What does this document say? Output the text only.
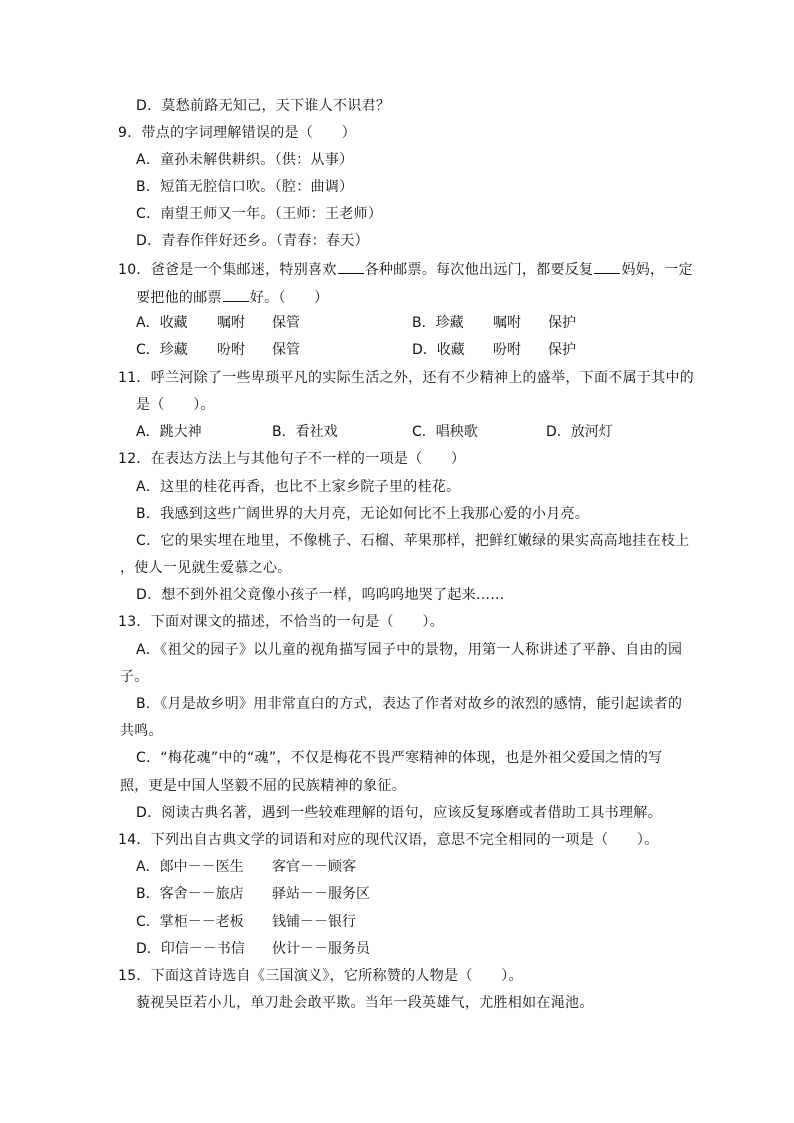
D．莫愁前路无知己，天下谁人不识君？
9．带点的字词理解错误的是（　　）
A．童孙未解供耕织。（供：从事）
B．短笛无腔信口吹。（腔：曲调）
C．南望王师又一年。（王师：王老师）
D．青春作伴好还乡。（青春：春天）
10．爸爸是一个集邮迷，特别喜欢 各种邮票。每次他出远门，都要反复 妈妈，一定
要把他的邮票 好。（　　）
A．收藏 嘱咐 保管	B．珍藏 嘱咐 保护
C．珍藏 吩咐 保管	D．收藏 吩咐 保护
11．呼兰河除了一些卑琐平凡的实际生活之外，还有不少精神上的盛举，下面不属于其中的
是（　　）。
A．跳大神	B．看社戏	C．唱秧歌	D．放河灯
12．在表达方法上与其他句子不一样的一项是（　　）
A．这里的桂花再香，也比不上家乡院子里的桂花。
B．我感到这些广阔世界的大月亮，无论如何比不上我那心爱的小月亮。
C．它的果实埋在地里，不像桃子、石榴、苹果那样，把鲜红嫩绿的果实高高地挂在枝上
，使人一见就生爱慕之心。
D．想不到外祖父竟像小孩子一样，呜呜呜地哭了起来……
13．下面对课文的描述，不恰当的一句是（　　）。
A．《祖父的园子》以儿童的视角描写园子中的景物，用第一人称讲述了平静、自由的园
子。
B．《月是故乡明》用非常直白的方式，表达了作者对故乡的浓烈的感情，能引起读者的
共鸣。
C．“梅花魂”中的“魂”，不仅是梅花不畏严寒精神的体现，也是外祖父爱国之情的写
照，更是中国人坚毅不屈的民族精神的象征。
D．阅读古典名著，遇到一些较难理解的语句，应该反复琢磨或者借助工具书理解。
14．下列出自古典文学的词语和对应的现代汉语，意思不完全相同的一项是（　　）。
A．郎中－－医生 客官－－顾客
B．客舍－－旅店 驿站－－服务区
C．掌柜－－老板 钱铺－－银行
D．印信－－书信 伙计－－服务员
15．下面这首诗选自《三国演义》，它所称赞的人物是（　　）。
藐视吴臣若小儿，单刀赴会敢平欺。当年一段英雄气，尤胜相如在渑池。
